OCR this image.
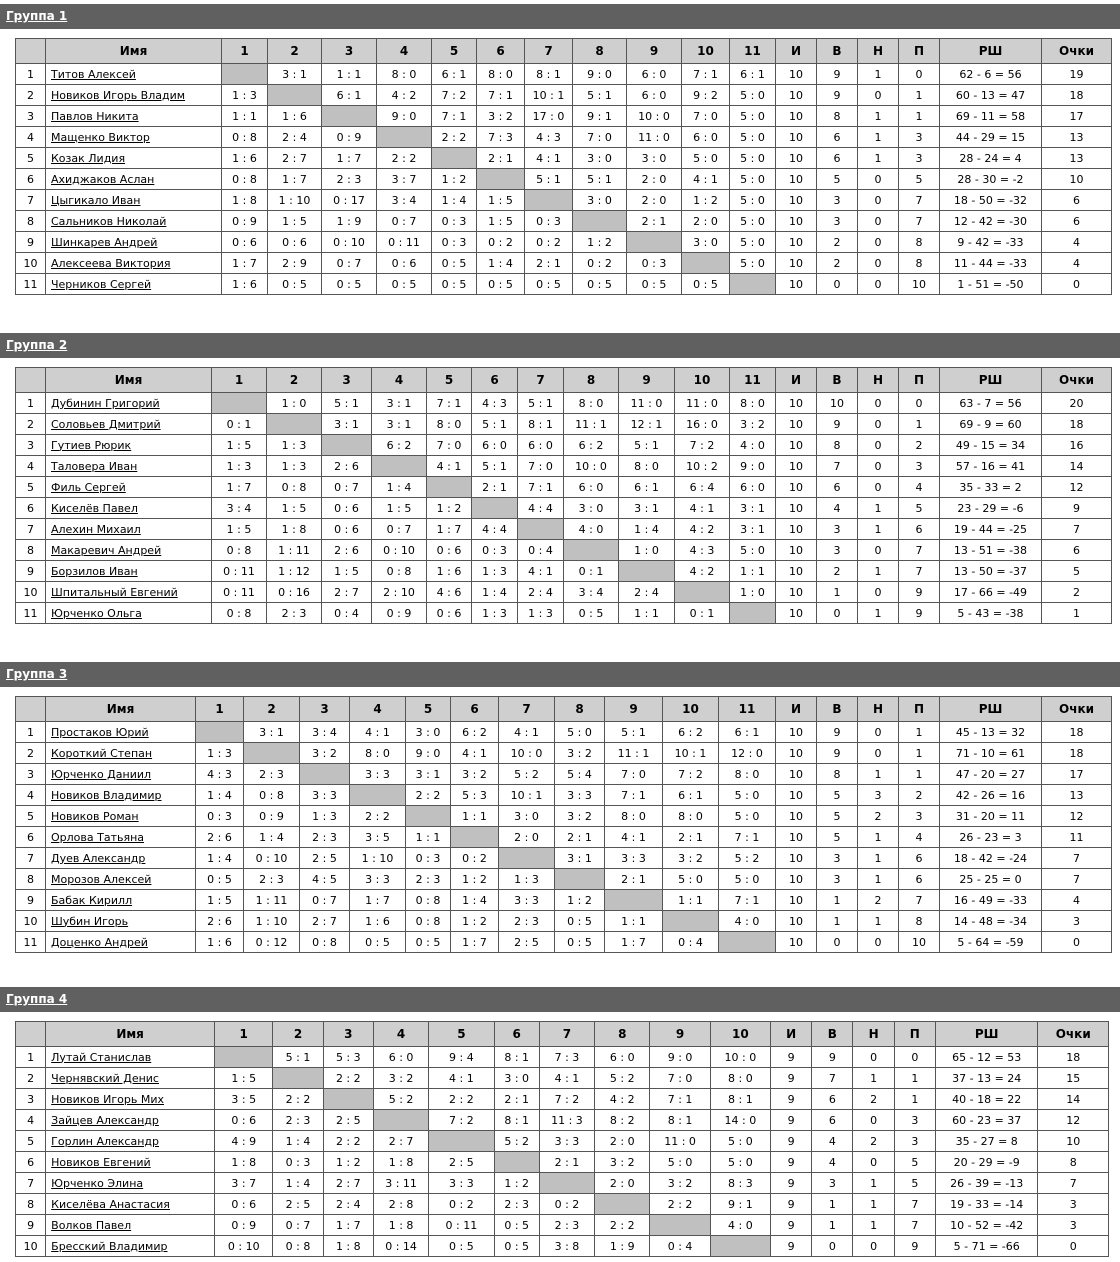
Группа 1
	Имя	1	2	3	4	5	6	7	8	9	10	11	И	В	Н	П	РШ	Очки
1	Титов Алексей		3 : 1	1 : 1	8 : 0	6 : 1	8 : 0	8 : 1	9 : 0	6 : 0	7 : 1	6 : 1	10	9	1	0	62 - 6 = 56	19
2	Новиков Игорь Владим	1 : 3		6 : 1	4 : 2	7 : 2	7 : 1	10 : 1	5 : 1	6 : 0	9 : 2	5 : 0	10	9	0	1	60 - 13 = 47	18
3	Павлов Никита	1 : 1	1 : 6		9 : 0	7 : 1	3 : 2	17 : 0	9 : 1	10 : 0	7 : 0	5 : 0	10	8	1	1	69 - 11 = 58	17
4	Мащенко Виктор	0 : 8	2 : 4	0 : 9		2 : 2	7 : 3	4 : 3	7 : 0	11 : 0	6 : 0	5 : 0	10	6	1	3	44 - 29 = 15	13
5	Козак Лидия	1 : 6	2 : 7	1 : 7	2 : 2		2 : 1	4 : 1	3 : 0	3 : 0	5 : 0	5 : 0	10	6	1	3	28 - 24 = 4	13
6	Ахиджаков Аслан	0 : 8	1 : 7	2 : 3	3 : 7	1 : 2		5 : 1	5 : 1	2 : 0	4 : 1	5 : 0	10	5	0	5	28 - 30 = -2	10
7	Цыгикало Иван	1 : 8	1 : 10	0 : 17	3 : 4	1 : 4	1 : 5		3 : 0	2 : 0	1 : 2	5 : 0	10	3	0	7	18 - 50 = -32	6
8	Сальников Николай	0 : 9	1 : 5	1 : 9	0 : 7	0 : 3	1 : 5	0 : 3		2 : 1	2 : 0	5 : 0	10	3	0	7	12 - 42 = -30	6
9	Шинкарев Андрей	0 : 6	0 : 6	0 : 10	0 : 11	0 : 3	0 : 2	0 : 2	1 : 2		3 : 0	5 : 0	10	2	0	8	9 - 42 = -33	4
10	Алексеева Виктория	1 : 7	2 : 9	0 : 7	0 : 6	0 : 5	1 : 4	2 : 1	0 : 2	0 : 3		5 : 0	10	2	0	8	11 - 44 = -33	4
11	Черников Сергей	1 : 6	0 : 5	0 : 5	0 : 5	0 : 5	0 : 5	0 : 5	0 : 5	0 : 5	0 : 5		10	0	0	10	1 - 51 = -50	0
Группа 2
	Имя	1	2	3	4	5	6	7	8	9	10	11	И	В	Н	П	РШ	Очки
1	Дубинин Григорий		1 : 0	5 : 1	3 : 1	7 : 1	4 : 3	5 : 1	8 : 0	11 : 0	11 : 0	8 : 0	10	10	0	0	63 - 7 = 56	20
2	Соловьев Дмитрий	0 : 1		3 : 1	3 : 1	8 : 0	5 : 1	8 : 1	11 : 1	12 : 1	16 : 0	3 : 2	10	9	0	1	69 - 9 = 60	18
3	Гутиев Рюрик	1 : 5	1 : 3		6 : 2	7 : 0	6 : 0	6 : 0	6 : 2	5 : 1	7 : 2	4 : 0	10	8	0	2	49 - 15 = 34	16
4	Таловера Иван	1 : 3	1 : 3	2 : 6		4 : 1	5 : 1	7 : 0	10 : 0	8 : 0	10 : 2	9 : 0	10	7	0	3	57 - 16 = 41	14
5	Филь Сергей	1 : 7	0 : 8	0 : 7	1 : 4		2 : 1	7 : 1	6 : 0	6 : 1	6 : 4	6 : 0	10	6	0	4	35 - 33 = 2	12
6	Киселёв Павел	3 : 4	1 : 5	0 : 6	1 : 5	1 : 2		4 : 4	3 : 0	3 : 1	4 : 1	3 : 1	10	4	1	5	23 - 29 = -6	9
7	Алехин Михаил	1 : 5	1 : 8	0 : 6	0 : 7	1 : 7	4 : 4		4 : 0	1 : 4	4 : 2	3 : 1	10	3	1	6	19 - 44 = -25	7
8	Макаревич Андрей	0 : 8	1 : 11	2 : 6	0 : 10	0 : 6	0 : 3	0 : 4		1 : 0	4 : 3	5 : 0	10	3	0	7	13 - 51 = -38	6
9	Борзилов Иван	0 : 11	1 : 12	1 : 5	0 : 8	1 : 6	1 : 3	4 : 1	0 : 1		4 : 2	1 : 1	10	2	1	7	13 - 50 = -37	5
10	Шпитальный Евгений	0 : 11	0 : 16	2 : 7	2 : 10	4 : 6	1 : 4	2 : 4	3 : 4	2 : 4		1 : 0	10	1	0	9	17 - 66 = -49	2
11	Юрченко Ольга	0 : 8	2 : 3	0 : 4	0 : 9	0 : 6	1 : 3	1 : 3	0 : 5	1 : 1	0 : 1		10	0	1	9	5 - 43 = -38	1
Группа 3
	Имя	1	2	3	4	5	6	7	8	9	10	11	И	В	Н	П	РШ	Очки
1	Простаков Юрий		3 : 1	3 : 4	4 : 1	3 : 0	6 : 2	4 : 1	5 : 0	5 : 1	6 : 2	6 : 1	10	9	0	1	45 - 13 = 32	18
2	Короткий Степан	1 : 3		3 : 2	8 : 0	9 : 0	4 : 1	10 : 0	3 : 2	11 : 1	10 : 1	12 : 0	10	9	0	1	71 - 10 = 61	18
3	Юрченко Даниил	4 : 3	2 : 3		3 : 3	3 : 1	3 : 2	5 : 2	5 : 4	7 : 0	7 : 2	8 : 0	10	8	1	1	47 - 20 = 27	17
4	Новиков Владимир	1 : 4	0 : 8	3 : 3		2 : 2	5 : 3	10 : 1	3 : 3	7 : 1	6 : 1	5 : 0	10	5	3	2	42 - 26 = 16	13
5	Новиков Роман	0 : 3	0 : 9	1 : 3	2 : 2		1 : 1	3 : 0	3 : 2	8 : 0	8 : 0	5 : 0	10	5	2	3	31 - 20 = 11	12
6	Орлова Татьяна	2 : 6	1 : 4	2 : 3	3 : 5	1 : 1		2 : 0	2 : 1	4 : 1	2 : 1	7 : 1	10	5	1	4	26 - 23 = 3	11
7	Дуев Александр	1 : 4	0 : 10	2 : 5	1 : 10	0 : 3	0 : 2		3 : 1	3 : 3	3 : 2	5 : 2	10	3	1	6	18 - 42 = -24	7
8	Морозов Алексей	0 : 5	2 : 3	4 : 5	3 : 3	2 : 3	1 : 2	1 : 3		2 : 1	5 : 0	5 : 0	10	3	1	6	25 - 25 = 0	7
9	Бабак Кирилл	1 : 5	1 : 11	0 : 7	1 : 7	0 : 8	1 : 4	3 : 3	1 : 2		1 : 1	7 : 1	10	1	2	7	16 - 49 = -33	4
10	Шубин Игорь	2 : 6	1 : 10	2 : 7	1 : 6	0 : 8	1 : 2	2 : 3	0 : 5	1 : 1		4 : 0	10	1	1	8	14 - 48 = -34	3
11	Доценко Андрей	1 : 6	0 : 12	0 : 8	0 : 5	0 : 5	1 : 7	2 : 5	0 : 5	1 : 7	0 : 4		10	0	0	10	5 - 64 = -59	0
Группа 4
	Имя	1	2	3	4	5	6	7	8	9	10	И	В	Н	П	РШ	Очки
1	Лутай Станислав		5 : 1	5 : 3	6 : 0	9 : 4	8 : 1	7 : 3	6 : 0	9 : 0	10 : 0	9	9	0	0	65 - 12 = 53	18
2	Чернявский Денис	1 : 5		2 : 2	3 : 2	4 : 1	3 : 0	4 : 1	5 : 2	7 : 0	8 : 0	9	7	1	1	37 - 13 = 24	15
3	Новиков Игорь Мих	3 : 5	2 : 2		5 : 2	2 : 2	2 : 1	7 : 2	4 : 2	7 : 1	8 : 1	9	6	2	1	40 - 18 = 22	14
4	Зайцев Александр	0 : 6	2 : 3	2 : 5		7 : 2	8 : 1	11 : 3	8 : 2	8 : 1	14 : 0	9	6	0	3	60 - 23 = 37	12
5	Горлин Александр	4 : 9	1 : 4	2 : 2	2 : 7		5 : 2	3 : 3	2 : 0	11 : 0	5 : 0	9	4	2	3	35 - 27 = 8	10
6	Новиков Евгений	1 : 8	0 : 3	1 : 2	1 : 8	2 : 5		2 : 1	3 : 2	5 : 0	5 : 0	9	4	0	5	20 - 29 = -9	8
7	Юрченко Элина	3 : 7	1 : 4	2 : 7	3 : 11	3 : 3	1 : 2		2 : 0	3 : 2	8 : 3	9	3	1	5	26 - 39 = -13	7
8	Киселёва Анастасия	0 : 6	2 : 5	2 : 4	2 : 8	0 : 2	2 : 3	0 : 2		2 : 2	9 : 1	9	1	1	7	19 - 33 = -14	3
9	Волков Павел	0 : 9	0 : 7	1 : 7	1 : 8	0 : 11	0 : 5	2 : 3	2 : 2		4 : 0	9	1	1	7	10 - 52 = -42	3
10	Бресский Владимир	0 : 10	0 : 8	1 : 8	0 : 14	0 : 5	0 : 5	3 : 8	1 : 9	0 : 4		9	0	0	9	5 - 71 = -66	0
